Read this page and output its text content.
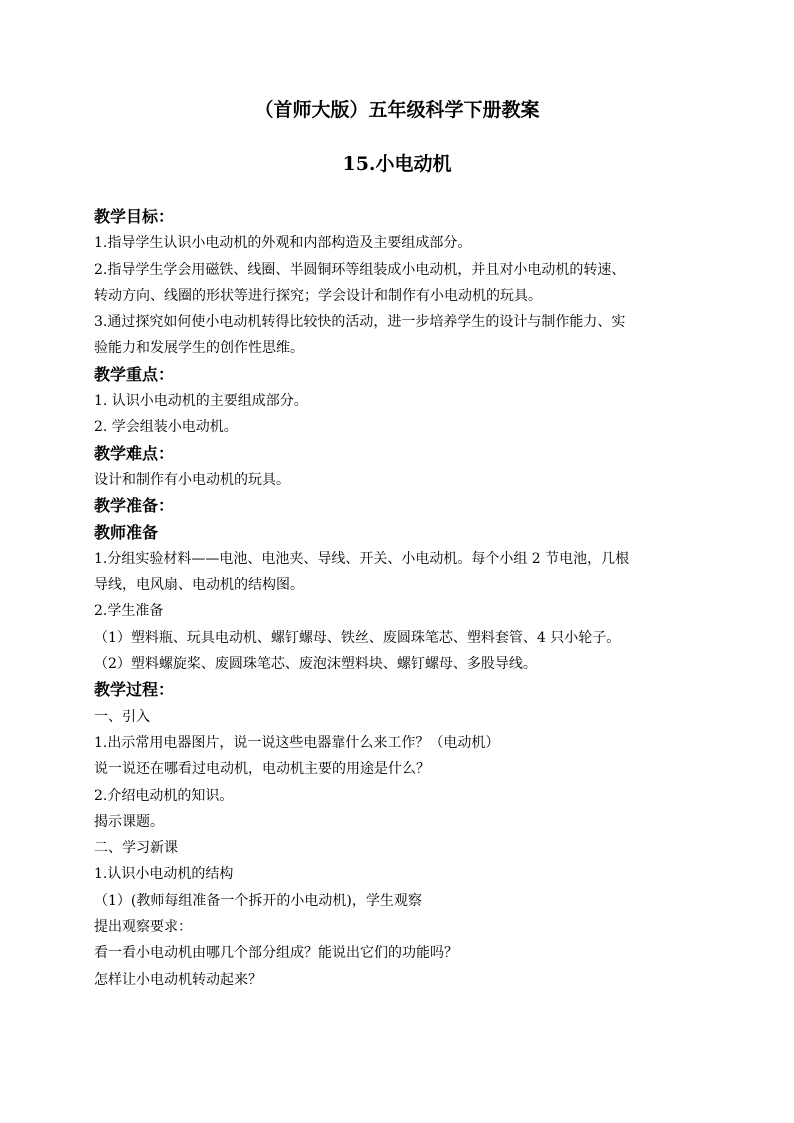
（首师大版）五年级科学下册教案
15.小电动机

教学目标：

1.指导学生认识小电动机的外观和内部构造及主要组成部分。

2.指导学生学会用磁铁、线圈、半圆铜环等组装成小电动机，并且对小电动机的转速、

转动方向、线圈的形状等进行探究；学会设计和制作有小电动机的玩具。

3.通过探究如何使小电动机转得比较快的活动，进一步培养学生的设计与制作能力、实

验能力和发展学生的创作性思维。

教学重点：

1. 认识小电动机的主要组成部分。

2. 学会组装小电动机。

教学难点：

设计和制作有小电动机的玩具。

教学准备：

教师准备

1.分组实验材料——电池、电池夹、导线、开关、小电动机。每个小组 2 节电池，几根

导线，电风扇、电动机的结构图。

2.学生准备

（1）塑料瓶、玩具电动机、螺钉螺母、铁丝、废圆珠笔芯、塑料套管、4 只小轮子。

（2）塑料螺旋桨、废圆珠笔芯、废泡沫塑料块、螺钉螺母、多股导线。

教学过程：

一、引入

1.出示常用电器图片，说一说这些电器靠什么来工作？（电动机）

说一说还在哪看过电动机，电动机主要的用途是什么？

2.介绍电动机的知识。

揭示课题。

二、学习新课

1.认识小电动机的结构

（1）(教师每组准备一个拆开的小电动机)，学生观察

提出观察要求：

看一看小电动机由哪几个部分组成？能说出它们的功能吗？

怎样让小电动机转动起来？
